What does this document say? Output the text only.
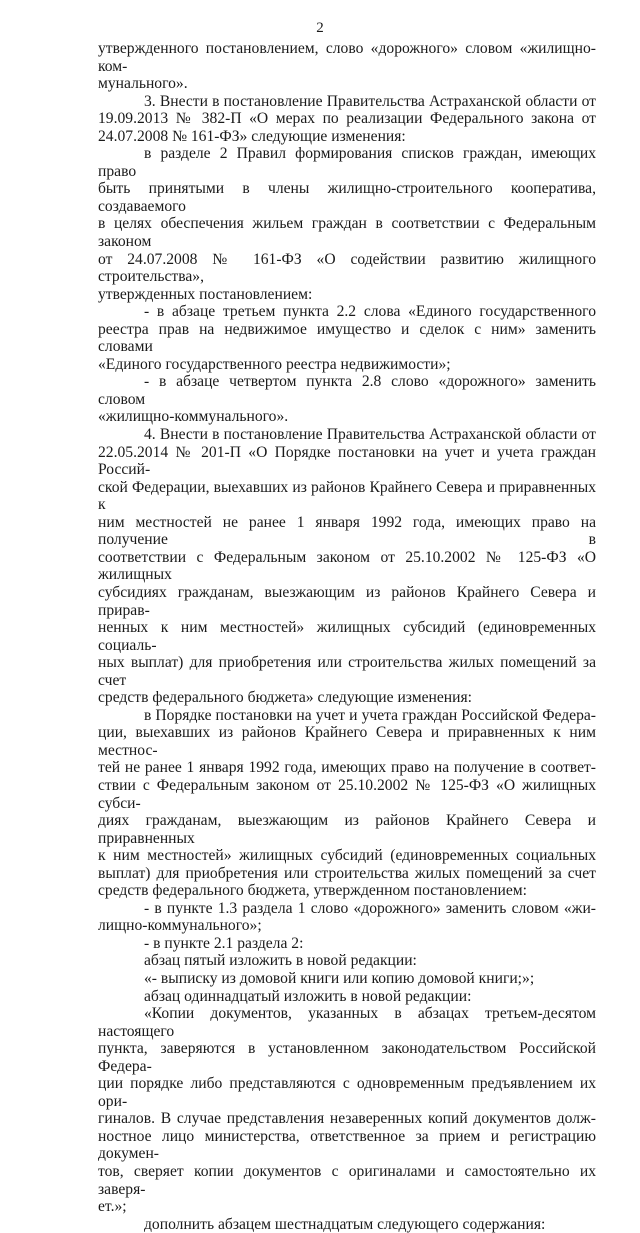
2
утвержденного постановлением, слово «дорожного» словом «жилищно-ком-
мунального».
3. Внести в постановление Правительства Астраханской области от
19.09.2013 № 382-П «О мерах по реализации Федерального закона от
24.07.2008 № 161-ФЗ» следующие изменения:
в разделе 2 Правил формирования списков граждан, имеющих право
быть принятыми в члены жилищно-строительного кооператива, создаваемого
в целях обеспечения жильем граждан в соответствии с Федеральным законом
от 24.07.2008 № 161-ФЗ «О содействии развитию жилищного строительства»,
утвержденных постановлением:
- в абзаце третьем пункта 2.2 слова «Единого государственного
реестра прав на недвижимое имущество и сделок с ним» заменить словами
«Единого государственного реестра недвижимости»;
- в абзаце четвертом пункта 2.8 слово «дорожного» заменить словом
«жилищно-коммунального».
4. Внести в постановление Правительства Астраханской области от
22.05.2014 № 201-П «О Порядке постановки на учет и учета граждан Россий-
ской Федерации, выехавших из районов Крайнего Севера и приравненных к
ним местностей не ранее 1 января 1992 года, имеющих право на получение в
соответствии с Федеральным законом от 25.10.2002 № 125-ФЗ «О жилищных
субсидиях гражданам, выезжающим из районов Крайнего Севера и прирав-
ненных к ним местностей» жилищных субсидий (единовременных социаль-
ных выплат) для приобретения или строительства жилых помещений за счет
средств федерального бюджета» следующие изменения:
в Порядке постановки на учет и учета граждан Российской Федера-
ции, выехавших из районов Крайнего Севера и приравненных к ним местнос-
тей не ранее 1 января 1992 года, имеющих право на получение в соответ-
ствии с Федеральным законом от 25.10.2002 № 125-ФЗ «О жилищных субси-
диях гражданам, выезжающим из районов Крайнего Севера и приравненных
к ним местностей» жилищных субсидий (единовременных социальных
выплат) для приобретения или строительства жилых помещений за счет
средств федерального бюджета, утвержденном постановлением:
- в пункте 1.3 раздела 1 слово «дорожного» заменить словом «жи-
лищно-коммунального»;
- в пункте 2.1 раздела 2:
абзац пятый изложить в новой редакции:
«- выписку из домовой книги или копию домовой книги;»;
абзац одиннадцатый изложить в новой редакции:
«Копии документов, указанных в абзацах третьем-десятом настоящего
пункта, заверяются в установленном законодательством Российской Федера-
ции порядке либо представляются с одновременным предъявлением их ори-
гиналов. В случае представления незаверенных копий документов долж-
ностное лицо министерства, ответственное за прием и регистрацию докумен-
тов, сверяет копии документов с оригиналами и самостоятельно их заверя-
ет.»;
дополнить абзацем шестнадцатым следующего содержания:
